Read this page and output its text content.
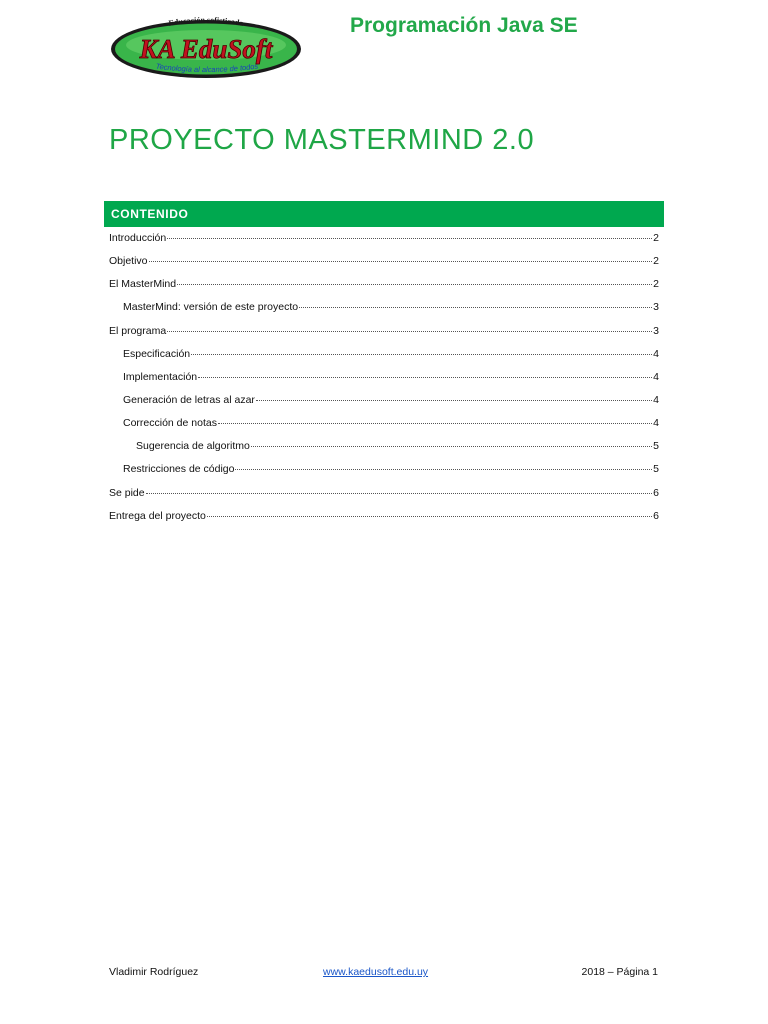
Educación sofisticada
KA EduSoft
Tecnología al alcance de todos
Programación Java SE
PROYECTO MASTERMIND 2.0
CONTENIDO
Introducción	2
Objetivo	2
El MasterMind	2
MasterMind: versión de este proyecto	3
El programa	3
Especificación	4
Implementación	4
Generación de letras al azar	4
Corrección de notas	4
Sugerencia de algoritmo	5
Restricciones de código	5
Se pide	6
Entrega del proyecto	6
Vladimir Rodríguez	www.kaedusoft.edu.uy	2018 – Página 1
